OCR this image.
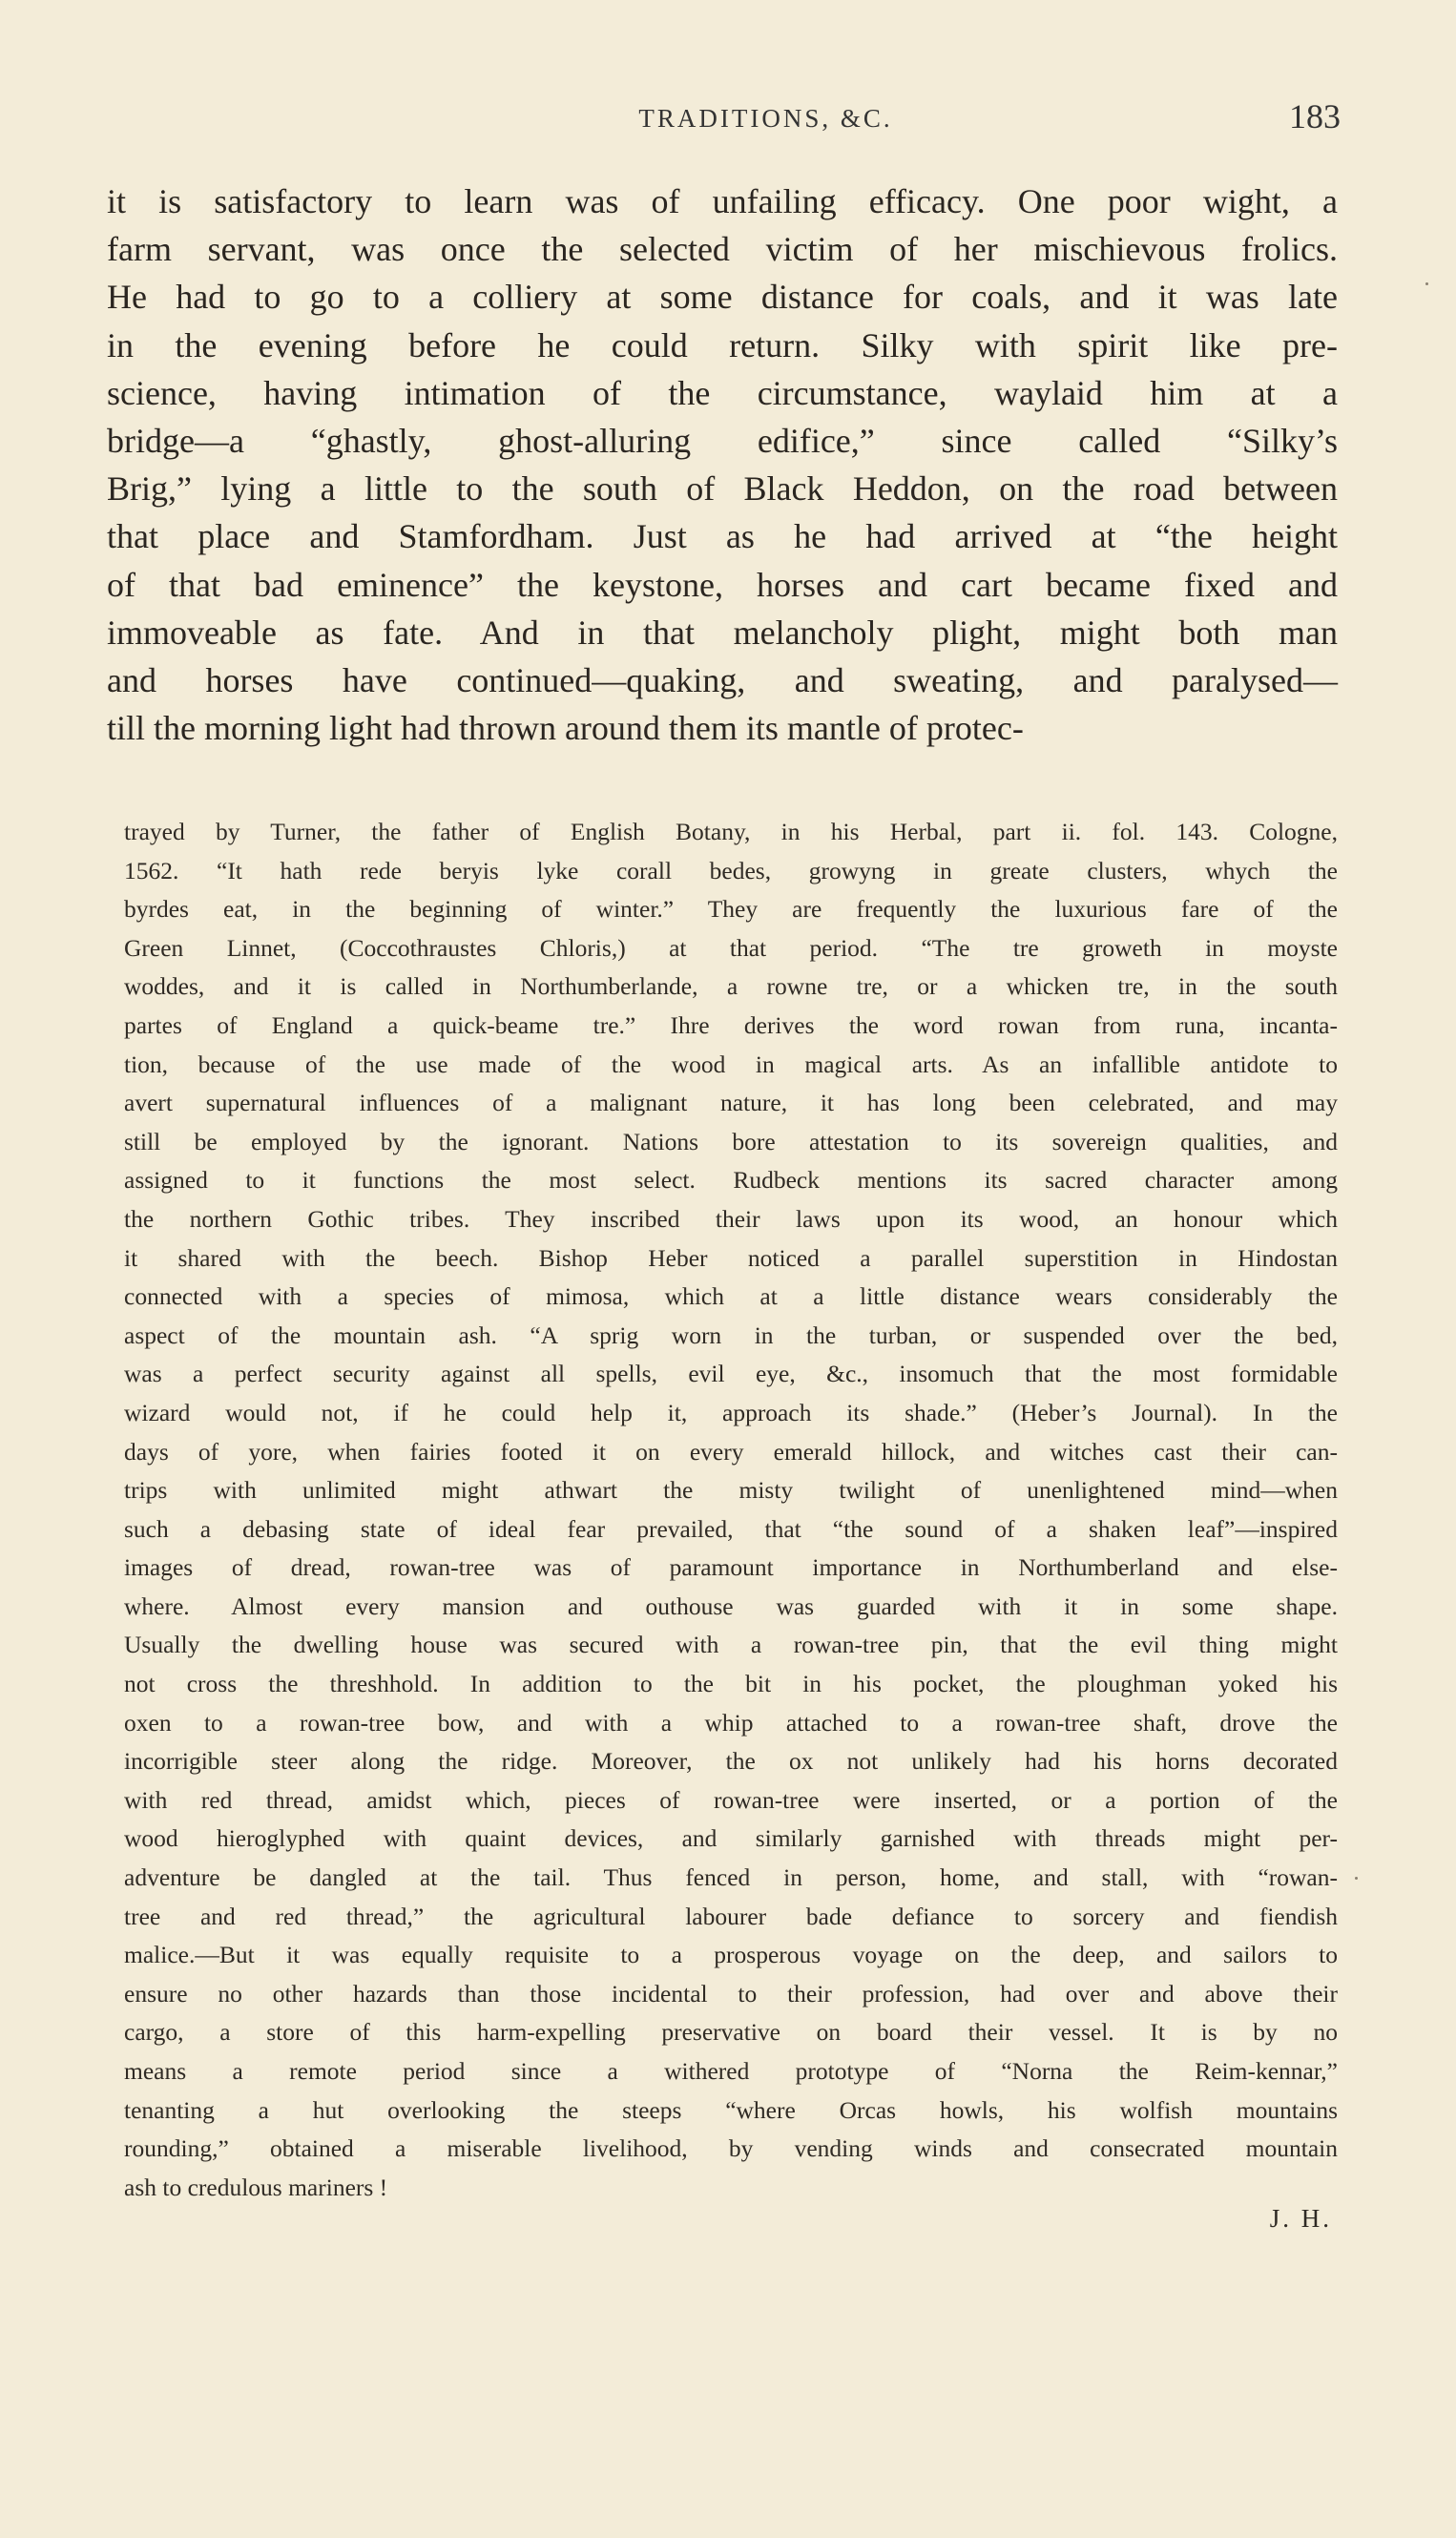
TRADITIONS, &C.	183
it is satisfactory to learn was of unfailing efficacy. One poor wight, a
farm servant, was once the selected victim of her mischievous frolics.
He had to go to a colliery at some distance for coals, and it was late
in the evening before he could return. Silky with spirit like pre-
science, having intimation of the circumstance, waylaid him at a
bridge—a “ghastly, ghost-alluring edifice,” since called “Silky’s
Brig,” lying a little to the south of Black Heddon, on the road between
that place and Stamfordham. Just as he had arrived at “the height
of that bad eminence” the keystone, horses and cart became fixed and
immoveable as fate. And in that melancholy plight, might both man
and horses have continued—quaking, and sweating, and paralysed—
till the morning light had thrown around them its mantle of protec-
trayed by Turner, the father of English Botany, in his Herbal, part ii. fol. 143. Cologne,
1562. “It hath rede beryis lyke corall bedes, growyng in greate clusters, whych the
byrdes eat, in the beginning of winter.” They are frequently the luxurious fare of the
Green Linnet, (Coccothraustes Chloris,) at that period. “The tre groweth in moyste
woddes, and it is called in Northumberlande, a rowne tre, or a whicken tre, in the south
partes of England a quick-beame tre.” Ihre derives the word rowan from runa, incanta-
tion, because of the use made of the wood in magical arts. As an infallible antidote to
avert supernatural influences of a malignant nature, it has long been celebrated, and may
still be employed by the ignorant. Nations bore attestation to its sovereign qualities, and
assigned to it functions the most select. Rudbeck mentions its sacred character among
the northern Gothic tribes. They inscribed their laws upon its wood, an honour which
it shared with the beech. Bishop Heber noticed a parallel superstition in Hindostan
connected with a species of mimosa, which at a little distance wears considerably the
aspect of the mountain ash. “A sprig worn in the turban, or suspended over the bed,
was a perfect security against all spells, evil eye, &c., insomuch that the most formidable
wizard would not, if he could help it, approach its shade.” (Heber’s Journal). In the
days of yore, when fairies footed it on every emerald hillock, and witches cast their can-
trips with unlimited might athwart the misty twilight of unenlightened mind—when
such a debasing state of ideal fear prevailed, that “the sound of a shaken leaf”—inspired
images of dread, rowan-tree was of paramount importance in Northumberland and else-
where. Almost every mansion and outhouse was guarded with it in some shape.
Usually the dwelling house was secured with a rowan-tree pin, that the evil thing might
not cross the threshhold. In addition to the bit in his pocket, the ploughman yoked his
oxen to a rowan-tree bow, and with a whip attached to a rowan-tree shaft, drove the
incorrigible steer along the ridge. Moreover, the ox not unlikely had his horns decorated
with red thread, amidst which, pieces of rowan-tree were inserted, or a portion of the
wood hieroglyphed with quaint devices, and similarly garnished with threads might per-
adventure be dangled at the tail. Thus fenced in person, home, and stall, with “rowan-
tree and red thread,” the agricultural labourer bade defiance to sorcery and fiendish
malice.—But it was equally requisite to a prosperous voyage on the deep, and sailors to
ensure no other hazards than those incidental to their profession, had over and above their
cargo, a store of this harm-expelling preservative on board their vessel. It is by no
means a remote period since a withered prototype of “Norna the Reim-kennar,”
tenanting a hut overlooking the steeps “where Orcas howls, his wolfish mountains
rounding,” obtained a miserable livelihood, by vending winds and consecrated mountain
ash to credulous mariners !
J. H.
